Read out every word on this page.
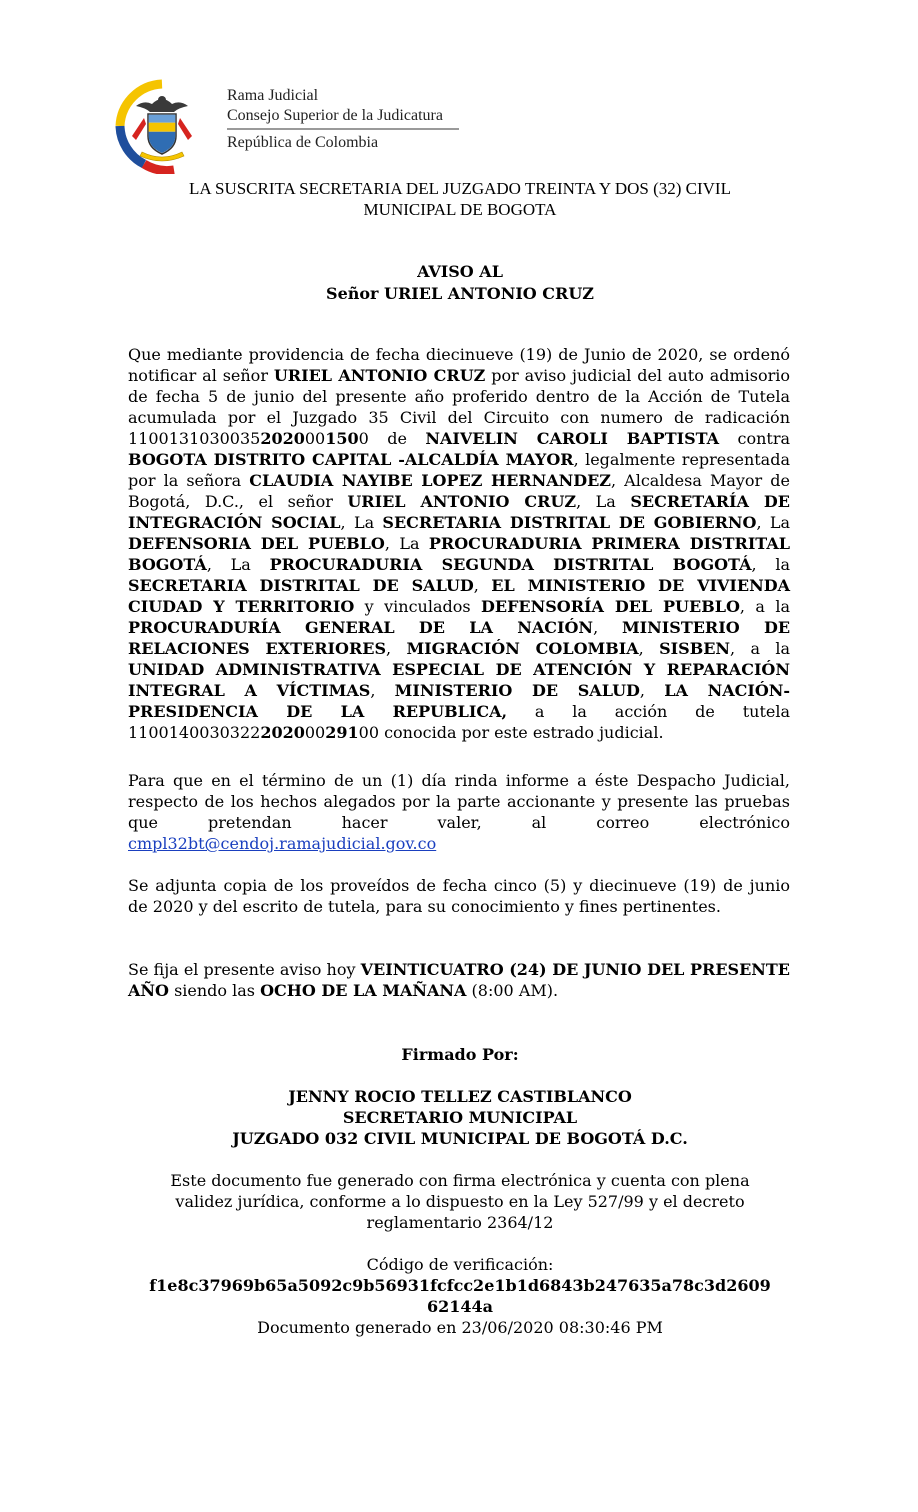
Rama Judicial
Consejo Superior de la Judicatura
República de Colombia
LA SUSCRITA SECRETARIA DEL JUZGADO TREINTA Y DOS (32) CIVIL
MUNICIPAL DE BOGOTA
AVISO AL
Señor URIEL ANTONIO CRUZ
Que mediante providencia de fecha diecinueve (19) de Junio de 2020, se ordenó notificar al señor URIEL ANTONIO CRUZ por aviso judicial del auto admisorio de fecha 5 de junio del presente año proferido dentro de la Acción de Tutela acumulada por el Juzgado 35 Civil del Circuito con numero de radicación 11001310300352020001500 de NAIVELIN CAROLI BAPTISTA contra BOGOTA DISTRITO CAPITAL -ALCALDÍA MAYOR, legalmente representada por la señora CLAUDIA NAYIBE LOPEZ HERNANDEZ, Alcaldesa Mayor de Bogotá, D.C., el señor URIEL ANTONIO CRUZ, La SECRETARÍA DE INTEGRACIÓN SOCIAL, La SECRETARIA DISTRITAL DE GOBIERNO, La DEFENSORIA DEL PUEBLO, La PROCURADURIA PRIMERA DISTRITAL BOGOTÁ, La PROCURADURIA SEGUNDA DISTRITAL BOGOTÁ, la SECRETARIA DISTRITAL DE SALUD, EL MINISTERIO DE VIVIENDA CIUDAD Y TERRITORIO y vinculados DEFENSORÍA DEL PUEBLO, a la PROCURADURÍA GENERAL DE LA NACIÓN, MINISTERIO DE RELACIONES EXTERIORES, MIGRACIÓN COLOMBIA, SISBEN, a la UNIDAD ADMINISTRATIVA ESPECIAL DE ATENCIÓN Y REPARACIÓN INTEGRAL A VÍCTIMAS, MINISTERIO DE SALUD, LA NACIÓN-PRESIDENCIA DE LA REPUBLICA, a la acción de tutela 110014003032220200029100 conocida por este estrado judicial.
Para que en el término de un (1) día rinda informe a éste Despacho Judicial, respecto de los hechos alegados por la parte accionante y presente las pruebas que pretendan hacer valer, al correo electrónico cmpl32bt@cendoj.ramajudicial.gov.co
Se adjunta copia de los proveídos de fecha cinco (5) y diecinueve (19) de junio de 2020 y del escrito de tutela, para su conocimiento y fines pertinentes.
Se fija el presente aviso hoy VEINTICUATRO (24) DE JUNIO DEL PRESENTE AÑO siendo las OCHO DE LA MAÑANA (8:00 AM).
Firmado Por:
JENNY ROCIO TELLEZ CASTIBLANCO
SECRETARIO MUNICIPAL
JUZGADO 032 CIVIL MUNICIPAL DE BOGOTÁ D.C.
Este documento fue generado con firma electrónica y cuenta con plena
validez jurídica, conforme a lo dispuesto en la Ley 527/99 y el decreto
reglamentario 2364/12
Código de verificación:
f1e8c37969b65a5092c9b56931fcfcc2e1b1d6843b247635a78c3d2609
62144a
Documento generado en 23/06/2020 08:30:46 PM
